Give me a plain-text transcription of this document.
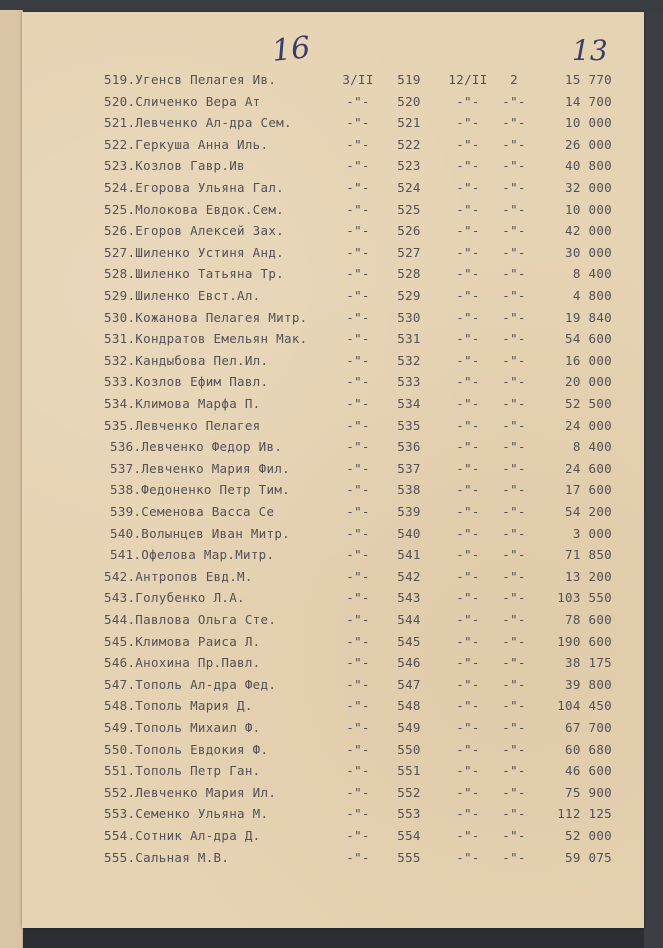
16	13
519.Угенсв Пелагея Ив.	3/II	519	12/II	2	15 770
520.Сличенко Вера Ат	-"-	520	-"-	-"-	14 700
521.Левченко Ал-дра Сем.	-"-	521	-"-	-"-	10 000
522.Геркуша Анна Иль.	-"-	522	-"-	-"-	26 000
523.Козлов Гавр.Ив	-"-	523	-"-	-"-	40 800
524.Егорова Ульяна Гал.	-"-	524	-"-	-"-	32 000
525.Молокова Евдок.Сем.	-"-	525	-"-	-"-	10 000
526.Егоров Алексей Зах.	-"-	526	-"-	-"-	42 000
527.Шиленко Устиня Анд.	-"-	527	-"-	-"-	30 000
528.Шиленко Татьяна Тр.	-"-	528	-"-	-"-	8 400
529.Шиленко Евст.Ал.	-"-	529	-"-	-"-	4 800
530.Кожанова Пелагея Митр.	-"-	530	-"-	-"-	19 840
531.Кондратов Емельян Мак.	-"-	531	-"-	-"-	54 600
532.Кандыбова Пел.Ил.	-"-	532	-"-	-"-	16 000
533.Козлов Ефим Павл.	-"-	533	-"-	-"-	20 000
534.Климова Марфа П.	-"-	534	-"-	-"-	52 500
535.Левченко Пелагея	-"-	535	-"-	-"-	24 000
536.Левченко Федор Ив.	-"-	536	-"-	-"-	8 400
537.Левченко Мария Фил.	-"-	537	-"-	-"-	24 600
538.Федоненко Петр Тим.	-"-	538	-"-	-"-	17 600
539.Семенова Васса Се	-"-	539	-"-	-"-	54 200
540.Волынцев Иван Митр.	-"-	540	-"-	-"-	3 000
541.Офелова Мар.Митр.	-"-	541	-"-	-"-	71 850
542.Антропов Евд.М.	-"-	542	-"-	-"-	13 200
543.Голубенко Л.А.	-"-	543	-"-	-"-	103 550
544.Павлова Ольга Сте.	-"-	544	-"-	-"-	78 600
545.Климова Раиса Л.	-"-	545	-"-	-"-	190 600
546.Анохина Пр.Павл.	-"-	546	-"-	-"-	38 175
547.Тополь Ал-дра Фед.	-"-	547	-"-	-"-	39 800
548.Тополь Мария Д.	-"-	548	-"-	-"-	104 450
549.Тополь Михаил Ф.	-"-	549	-"-	-"-	67 700
550.Тополь Евдокия Ф.	-"-	550	-"-	-"-	60 680
551.Тополь Петр Ган.	-"-	551	-"-	-"-	46 600
552.Левченко Мария Ил.	-"-	552	-"-	-"-	75 900
553.Семенко Ульяна М.	-"-	553	-"-	-"-	112 125
554.Сотник Ал-дра Д.	-"-	554	-"-	-"-	52 000
555.Сальная М.В.	-"-	555	-"-	-"-	59 075
